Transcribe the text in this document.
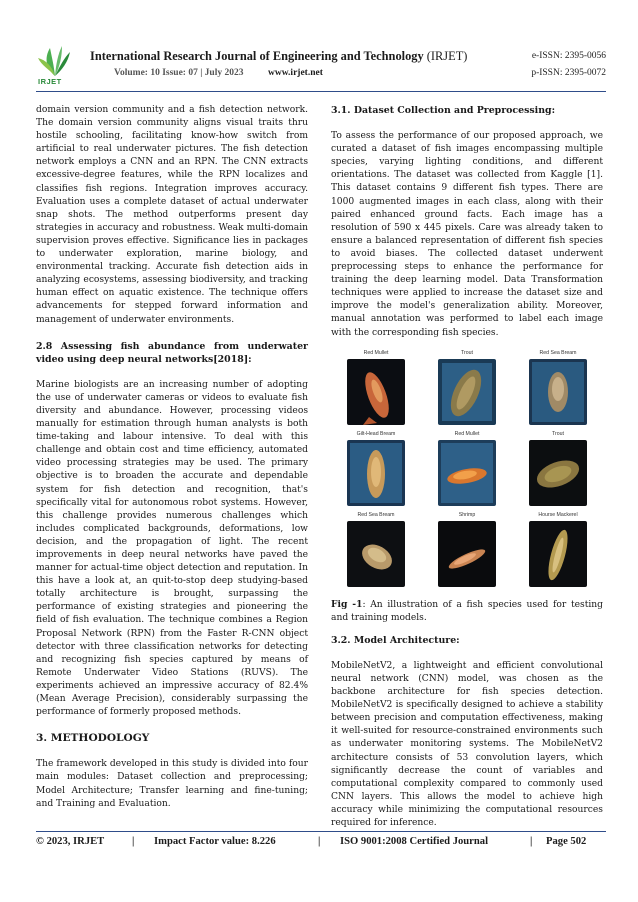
IRJET
International Research Journal of Engineering and Technology (IRJET)	e-ISSN: 2395-0056
Volume: 10 Issue: 07 | July 2023	www.irjet.net	p-ISSN: 2395-0072

domain version community and a fish detection network. The domain version community aligns visual traits thru hostile schooling, facilitating know-how switch from artificial to real underwater pictures. The fish detection network employs a CNN and an RPN. The CNN extracts excessive-degree features, while the RPN localizes and classifies fish regions. Integration improves accuracy. Evaluation uses a complete dataset of actual underwater snap shots. The method outperforms present day strategies in accuracy and robustness. Weak multi-domain supervision proves effective. Significance lies in packages to underwater exploration, marine biology, and environmental tracking. Accurate fish detection aids in analyzing ecosystems, assessing biodiversity, and tracking human effect on aquatic existence. The technique offers advancements for stepped forward information and management of underwater environments.

2.8 Assessing fish abundance from underwater video using deep neural networks[2018]:

Marine biologists are an increasing number of adopting the use of underwater cameras or videos to evaluate fish diversity and abundance. However, processing videos manually for estimation through human analysts is both time-taking and labour intensive. To deal with this challenge and obtain cost and time efficiency, automated video processing strategies may be used. The primary objective is to broaden the accurate and dependable system for fish detection and recognition, that's specifically vital for autonomous robot systems. However, this challenge provides numerous challenges which includes complicated backgrounds, deformations, low decision, and the propagation of light. The recent improvements in deep neural networks have paved the manner for actual-time object detection and reputation. In this have a look at, an quit-to-stop deep studying-based totally architecture is brought, surpassing the performance of existing strategies and pioneering the field of fish evaluation. The technique combines a Region Proposal Network (RPN) from the Faster R-CNN object detector with three classification networks for detecting and recognizing fish species captured by means of Remote Underwater Video Stations (RUVS). The experiments achieved an impressive accuracy of 82.4% (Mean Average Precision), considerably surpassing the performance of formerly proposed methods.

3. METHODOLOGY

The framework developed in this study is divided into four main modules: Dataset collection and preprocessing; Model Architecture; Transfer learning and fine-tuning; and Training and Evaluation.

3.1. Dataset Collection and Preprocessing:

To assess the performance of our proposed approach, we curated a dataset of fish images encompassing multiple species, varying lighting conditions, and different orientations. The dataset was collected from Kaggle [1]. This dataset contains 9 different fish types. There are 1000 augmented images in each class, along with their paired enhanced ground facts. Each image has a resolution of 590 x 445 pixels. Care was already taken to ensure a balanced representation of different fish species to avoid biases. The collected dataset underwent preprocessing steps to enhance the performance for training the deep learning model. Data Transformation techniques were applied to increase the dataset size and improve the model's generalization ability. Moreover, manual annotation was performed to label each image with the corresponding fish species.

Red Mullet	Trout	Red Sea Bream
Gilt-Head Bream	Red Mullet	Trout
Red Sea Bream	Shrimp	Hourse Mackerel

Fig -1: An illustration of a fish species used for testing and training models.

3.2. Model Architecture:

MobileNetV2, a lightweight and efficient convolutional neural network (CNN) model, was chosen as the backbone architecture for fish species detection. MobileNetV2 is specifically designed to achieve a stability between precision and computation effectiveness, making it well-suited for resource-constrained environments such as underwater monitoring systems. The MobileNetV2 architecture consists of 53 convolution layers, which significantly decrease the count of variables and computational complexity compared to commonly used CNN layers. This allows the model to achieve high accuracy while minimizing the computational resources required for inference.

© 2023, IRJET	| Impact Factor value: 8.226	| ISO 9001:2008 Certified Journal	| Page 502
